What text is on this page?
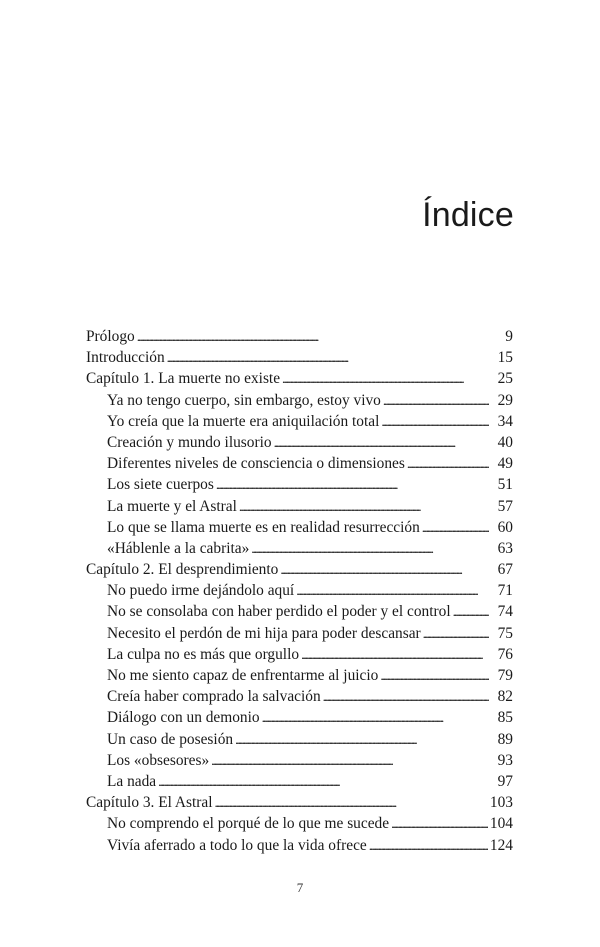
Índice
Prólogo . . .	9
Introducción . . .	15
Capítulo 1. La muerte no existe . . .	25
Ya no tengo cuerpo, sin embargo, estoy vivo . . .	29
Yo creía que la muerte era aniquilación total . . .	34
Creación y mundo ilusorio . . .	40
Diferentes niveles de consciencia o dimensiones . . .	49
Los siete cuerpos . . .	51
La muerte y el Astral . . .	57
Lo que se llama muerte es en realidad resurrección . . .	60
«Háblenle a la cabrita» . . .	63
Capítulo 2. El desprendimiento . . .	67
No puedo irme dejándolo aquí . . .	71
No se consolaba con haber perdido el poder y el control . . .	74
Necesito el perdón de mi hija para poder descansar . . .	75
La culpa no es más que orgullo . . .	76
No me siento capaz de enfrentarme al juicio . . .	79
Creía haber comprado la salvación . . .	82
Diálogo con un demonio . . .	85
Un caso de posesión . . .	89
Los «obsesores» . . .	93
La nada . . .	97
Capítulo 3. El Astral . . .	103
No comprendo el porqué de lo que me sucede . . .	104
Vivía aferrado a todo lo que la vida ofrece . . .	124
7
